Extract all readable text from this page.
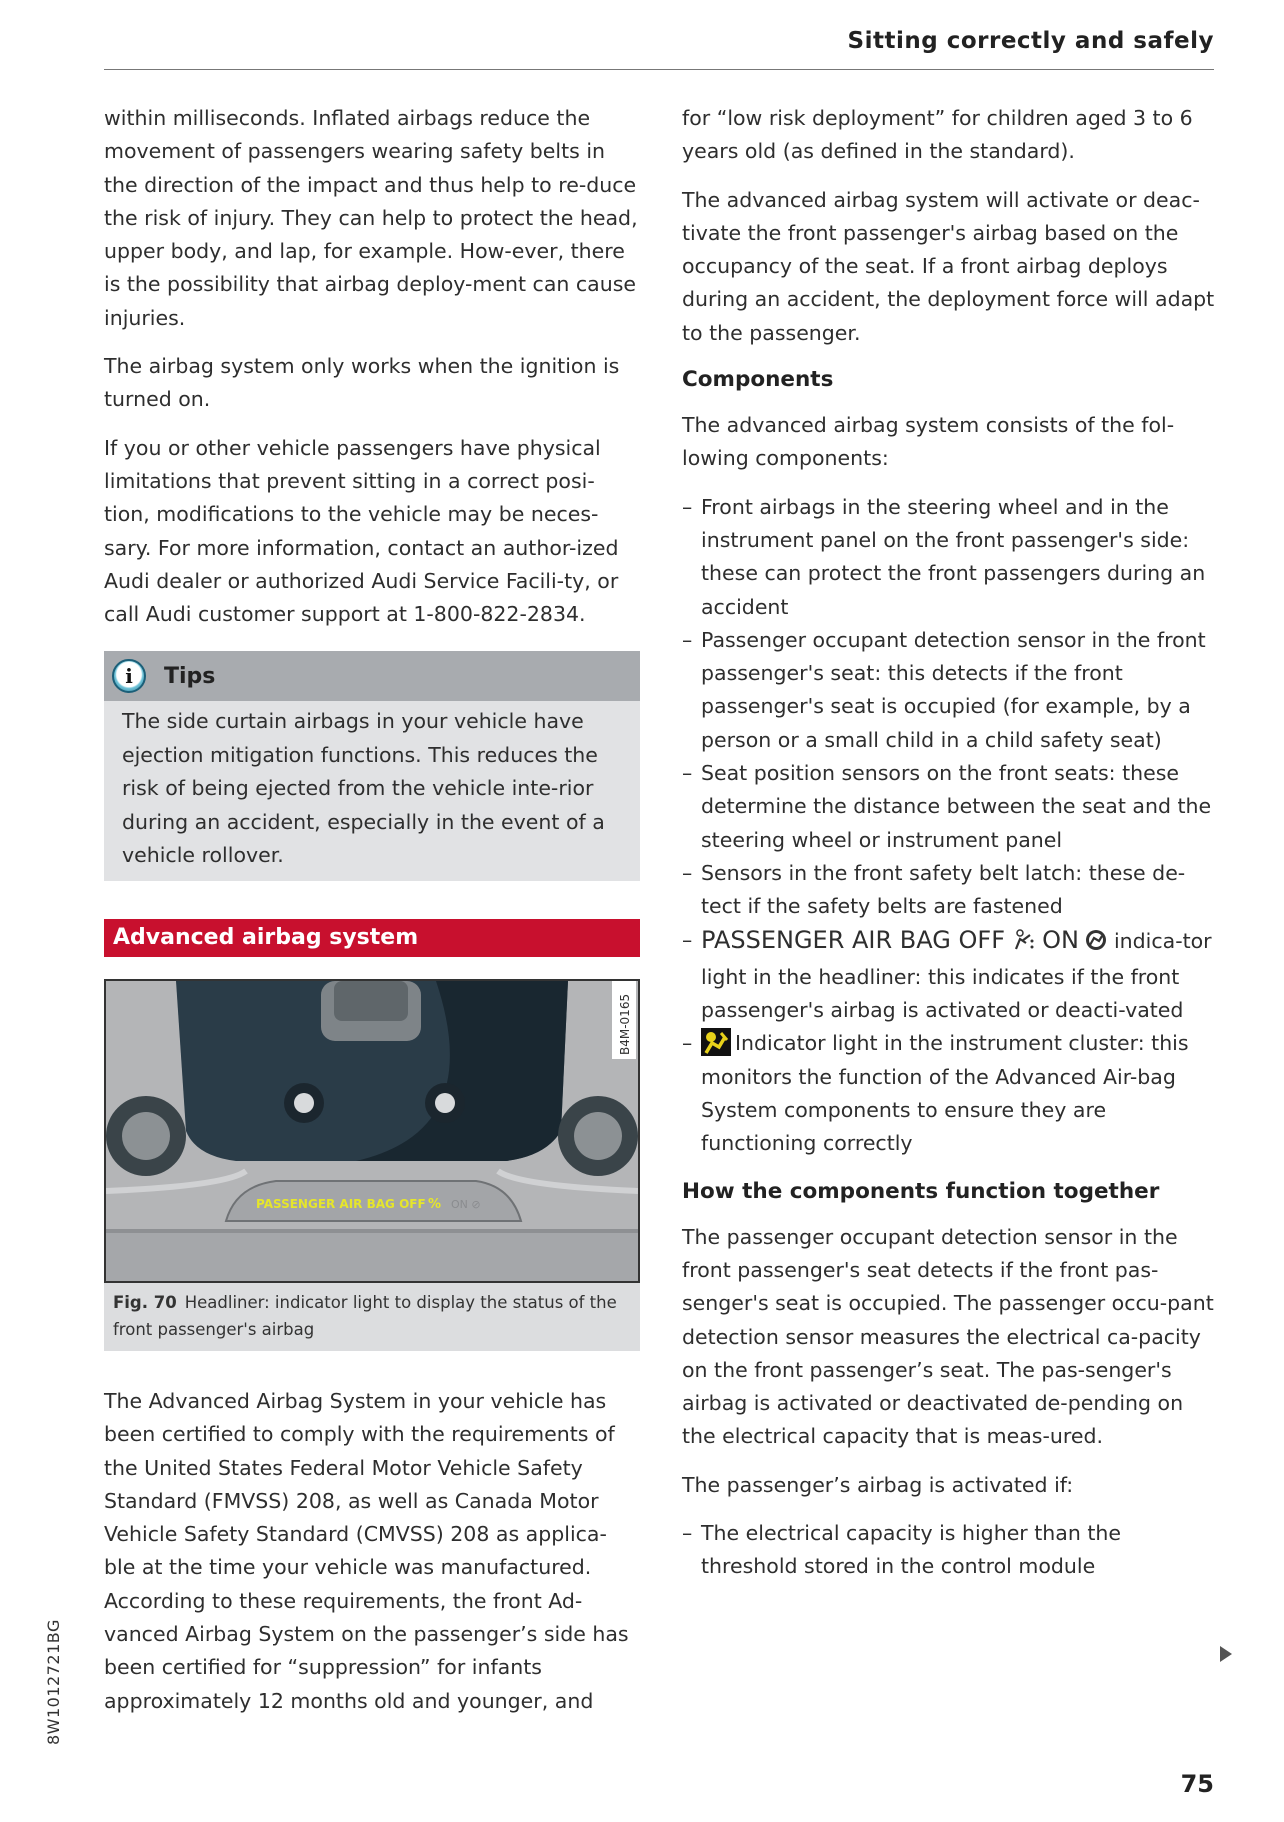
Sitting correctly and safely

within milliseconds. Inflated airbags reduce the movement of passengers wearing safety belts in the direction of the impact and thus help to re-duce the risk of injury. They can help to protect the head, upper body, and lap, for example. How-ever, there is the possibility that airbag deploy-ment can cause injuries.

The airbag system only works when the ignition is turned on.

If you or other vehicle passengers have physical limitations that prevent sitting in a correct posi-tion, modifications to the vehicle may be neces-sary. For more information, contact an author-ized Audi dealer or authorized Audi Service Facili-ty, or call Audi customer support at 1-800-822-2834.

i	Tips

The side curtain airbags in your vehicle have ejection mitigation functions. This reduces the risk of being ejected from the vehicle inte-rior during an accident, especially in the event of a vehicle rollover.

Advanced airbag system
PASSENGER AIR BAG OFF % ON ⊘
B4M-0165
Fig. 70 Headliner: indicator light to display the status of the front passenger's airbag

The Advanced Airbag System in your vehicle has been certified to comply with the requirements of the United States Federal Motor Vehicle Safety Standard (FMVSS) 208, as well as Canada Motor Vehicle Safety Standard (CMVSS) 208 as applica-ble at the time your vehicle was manufactured. According to these requirements, the front Ad-vanced Airbag System on the passenger’s side has been certified for “suppression” for infants approximately 12 months old and younger, and

for “low risk deployment” for children aged 3 to 6 years old (as defined in the standard).

The advanced airbag system will activate or deac-tivate the front passenger's airbag based on the occupancy of the seat. If a front airbag deploys during an accident, the deployment force will adapt to the passenger.

Components

The advanced airbag system consists of the fol-lowing components:

– Front airbags in the steering wheel and in the instrument panel on the front passenger's side: these can protect the front passengers during an accident
– Passenger occupant detection sensor in the front passenger's seat: this detects if the front passenger's seat is occupied (for example, by a person or a small child in a child safety seat)
– Seat position sensors on the front seats: these determine the distance between the seat and the steering wheel or instrument panel
– Sensors in the front safety belt latch: these de-tect if the safety belts are fastened
– PASSENGER AIR BAG OFF ON indica-tor light in the headliner: this indicates if the front passenger's airbag is activated or deacti-vated
– Indicator light in the instrument cluster: this monitors the function of the Advanced Air-bag System components to ensure they are functioning correctly
How the components function together

The passenger occupant detection sensor in the front passenger's seat detects if the front pas-senger's seat is occupied. The passenger occu-pant detection sensor measures the electrical ca-pacity on the front passenger’s seat. The pas-senger's airbag is activated or deactivated de-pending on the electrical capacity that is meas-ured.

The passenger’s airbag is activated if:

– The electrical capacity is higher than the threshold stored in the control module
8W1012721BG
75
